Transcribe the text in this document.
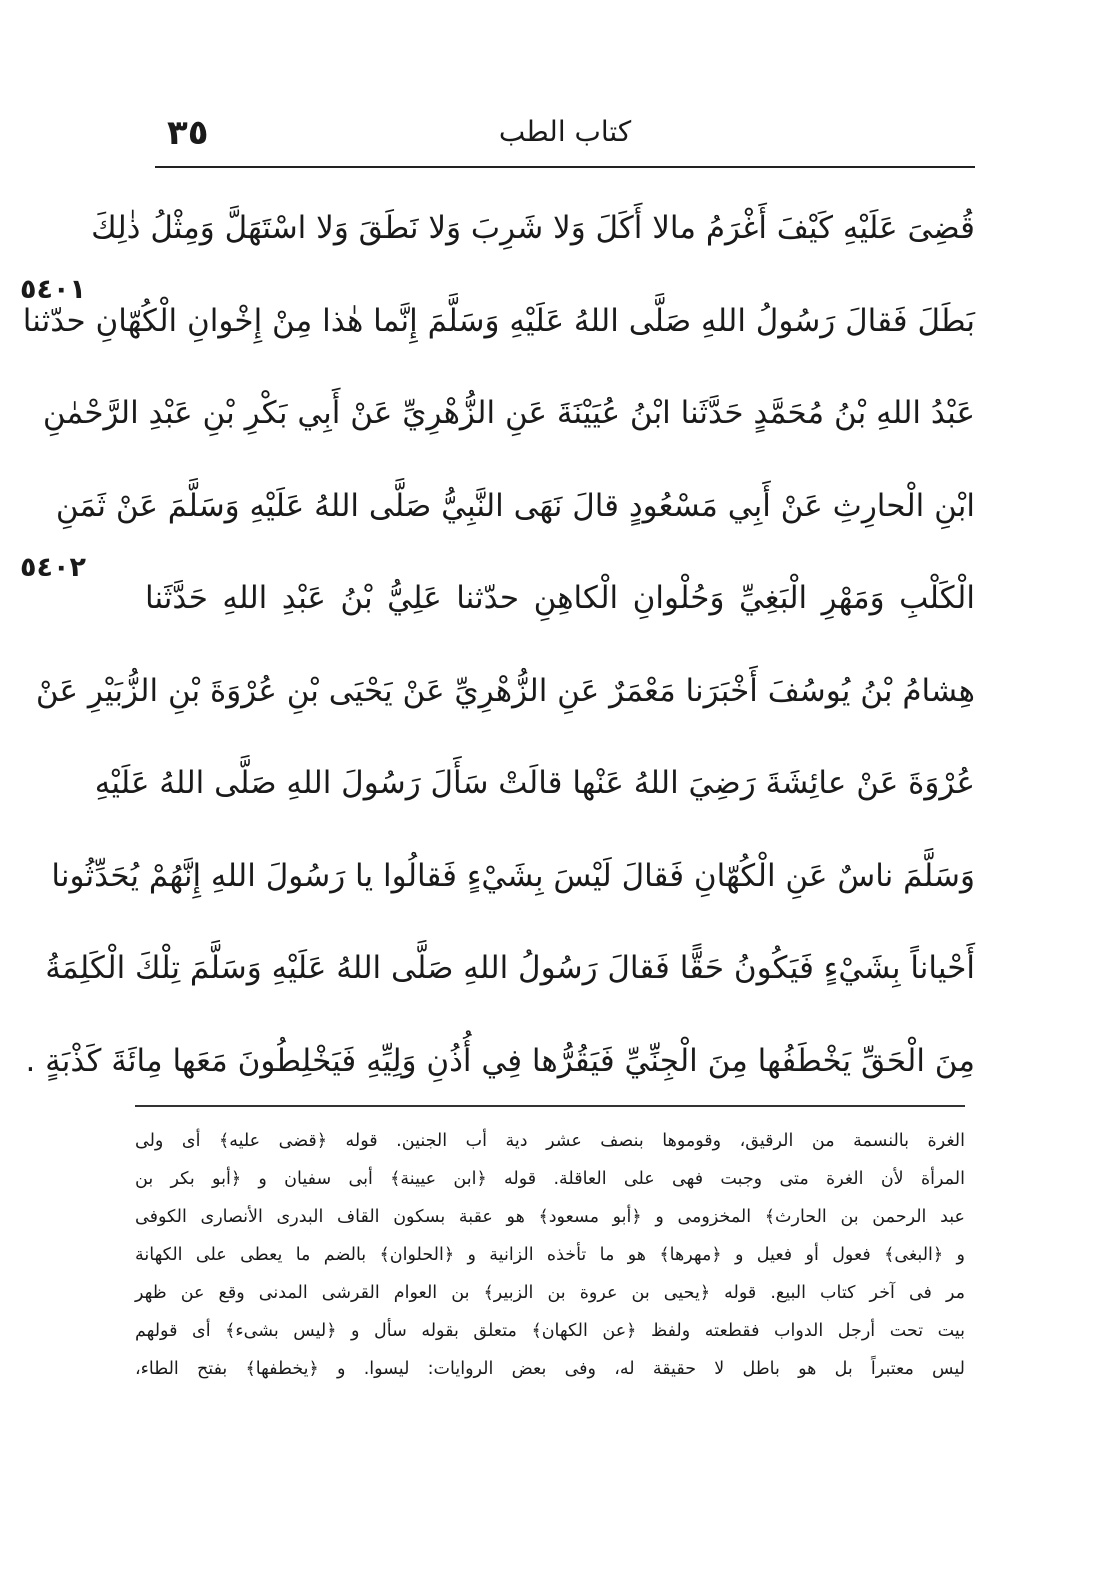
٣٥	كتاب الطب
٥٤٠١
٥٤٠٢
قُضِىَ عَلَيْهِ كَيْفَ أَغْرَمُ مالا أَكَلَ وَلا شَرِبَ وَلا نَطَقَ وَلا اسْتَهَلَّ وَمِثْلُ ذٰلِكَ
بَطَلَ فَقالَ رَسُولُ اللهِ صَلَّى اللهُ عَلَيْهِ وَسَلَّمَ إِنَّما هٰذا مِنْ إِخْوانِ الْكُهّانِ حدّثنا
عَبْدُ اللهِ بْنُ مُحَمَّدٍ حَدَّثَنا ابْنُ عُيَيْنَةَ عَنِ الزُّهْرِيِّ عَنْ أَبِي بَكْرِ بْنِ عَبْدِ الرَّحْمٰنِ
ابْنِ الْحارِثِ عَنْ أَبِي مَسْعُودٍ قالَ نَهَى النَّبِيُّ صَلَّى اللهُ عَلَيْهِ وَسَلَّمَ عَنْ ثَمَنِ
الْكَلْبِ وَمَهْرِ الْبَغِيِّ وَحُلْوانِ الْكاهِنِ حدّثنا عَلِيُّ بْنُ عَبْدِ اللهِ حَدَّثَنا
هِشامُ بْنُ يُوسُفَ أَخْبَرَنا مَعْمَرٌ عَنِ الزُّهْرِيِّ عَنْ يَحْيَى بْنِ عُرْوَةَ بْنِ الزُّبَيْرِ عَنْ
عُرْوَةَ عَنْ عائِشَةَ رَضِيَ اللهُ عَنْها قالَتْ سَأَلَ رَسُولَ اللهِ صَلَّى اللهُ عَلَيْهِ
وَسَلَّمَ ناسٌ عَنِ الْكُهّانِ فَقالَ لَيْسَ بِشَيْءٍ فَقالُوا يا رَسُولَ اللهِ إِنَّهُمْ يُحَدِّثُونا
أَحْياناً بِشَيْءٍ فَيَكُونُ حَقًّا فَقالَ رَسُولُ اللهِ صَلَّى اللهُ عَلَيْهِ وَسَلَّمَ تِلْكَ الْكَلِمَةُ
مِنَ الْحَقِّ يَخْطَفُها مِنَ الْجِنِّيِّ فَيَقُرُّها فِي أُذُنِ وَلِيِّهِ فَيَخْلِطُونَ مَعَها مِائَةَ كَذْبَةٍ .
الغرة بالنسمة من الرقيق، وقوموها بنصف عشر دية أب الجنين. قوله ﴿قضى عليه﴾ أى ولى
المرأة لأن الغرة متى وجبت فهى على العاقلة. قوله ﴿ابن عيينة﴾ أبى سفيان و ﴿أبو بكر بن
عبد الرحمن بن الحارث﴾ المخزومى و ﴿أبو مسعود﴾ هو عقبة بسكون القاف البدرى الأنصارى الكوفى
و ﴿البغى﴾ فعول أو فعيل و ﴿مهرها﴾ هو ما تأخذه الزانية و ﴿الحلوان﴾ بالضم ما يعطى على الكهانة
مر فى آخر كتاب البيع. قوله ﴿يحيى بن عروة بن الزبير﴾ بن العوام القرشى المدنى وقع عن ظهر
بيت تحت أرجل الدواب فقطعته ولفظ ﴿عن الكهان﴾ متعلق بقوله سأل و ﴿ليس بشىء﴾ أى قولهم
ليس معتبراً بل هو باطل لا حقيقة له، وفى بعض الروايات: ليسوا. و ﴿يخطفها﴾ بفتح الطاء،
